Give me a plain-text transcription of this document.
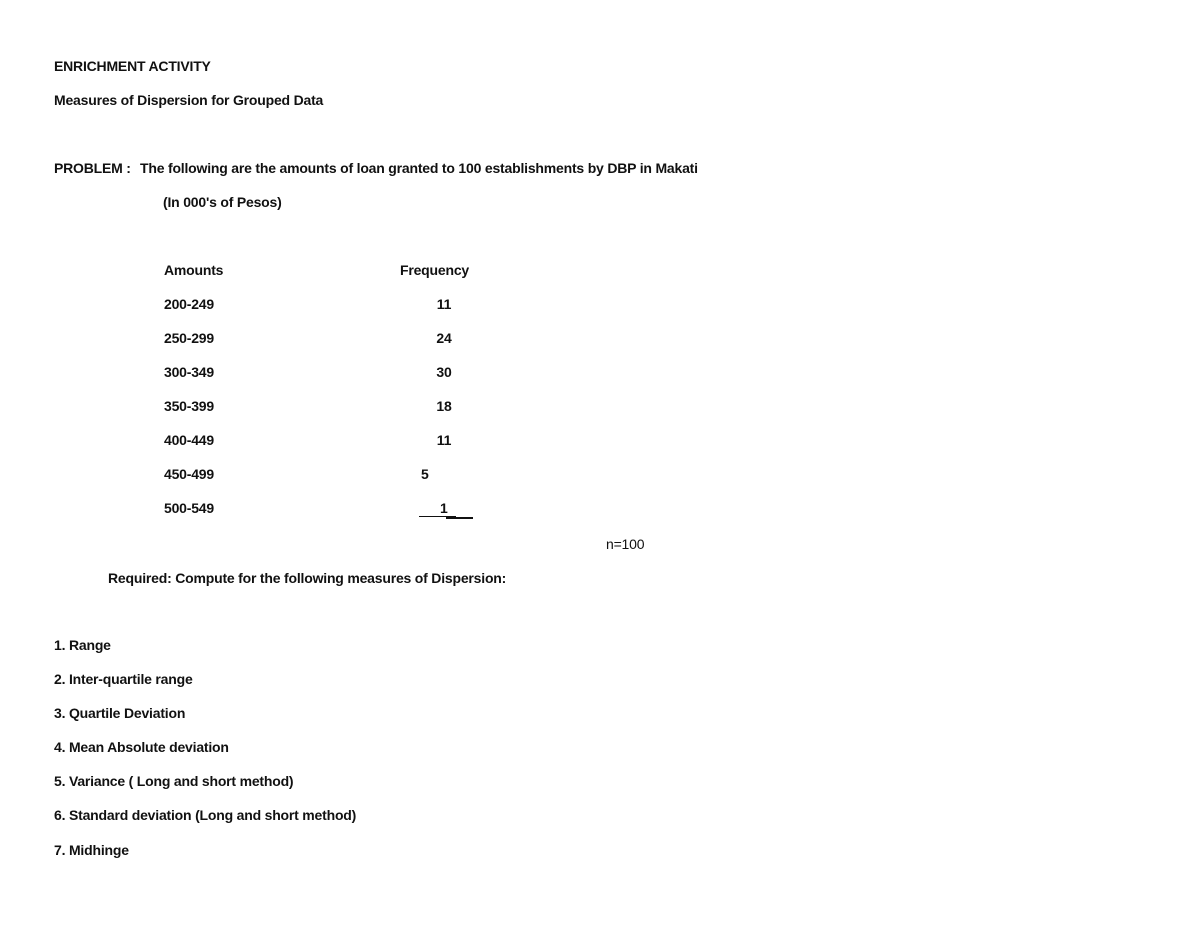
ENRICHMENT ACTIVITY
Measures of Dispersion for Grouped Data
PROBLEM : The following are the amounts of loan granted to 100 establishments by DBP in Makati
(In 000's of Pesos)
Amounts	Frequency
200-249	11
250-299	24
300-349	30
350-399	18
400-449	11
450-499	5
500-549	1
n=100
Required: Compute for the following measures of Dispersion:
1. Range
2. Inter-quartile range
3. Quartile Deviation
4. Mean Absolute deviation
5. Variance ( Long and short method)
6. Standard deviation (Long and short method)
7. Midhinge
